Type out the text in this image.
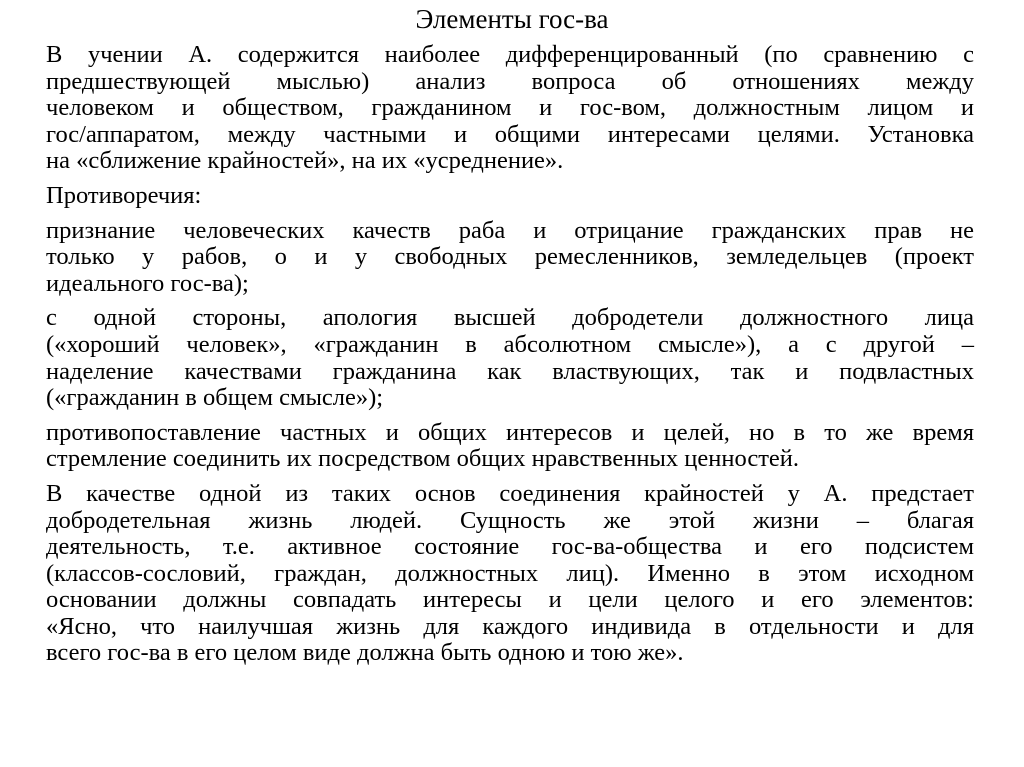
Элементы гос-ва
В учении А. содержится наиболее дифференцированный (по сравнению с
предшествующей мыслью) анализ вопроса об отношениях между
человеком и обществом, гражданином и гос-вом, должностным лицом и
гос/аппаратом, между частными и общими интересами целями. Установка
на «сближение крайностей», на их «усреднение».
Противоречия:
признание человеческих качеств раба и отрицание гражданских прав не
только у рабов, о и у свободных ремесленников, земледельцев (проект
идеального гос-ва);
с одной стороны, апология высшей добродетели должностного лица
(«хороший человек», «гражданин в абсолютном смысле»), а с другой –
наделение качествами гражданина как властвующих, так и подвластных
(«гражданин в общем смысле»);
противопоставление частных и общих интересов и целей, но в то же время
стремление соединить их посредством общих нравственных ценностей.
В качестве одной из таких основ соединения крайностей у А. предстает
добродетельная жизнь людей. Сущность же этой жизни – благая
деятельность, т.е. активное состояние гос-ва-общества и его подсистем
(классов-сословий, граждан, должностных лиц). Именно в этом исходном
основании должны совпадать интересы и цели целого и его элементов:
«Ясно, что наилучшая жизнь для каждого индивида в отдельности и для
всего гос-ва в его целом виде должна быть одною и тою же».
